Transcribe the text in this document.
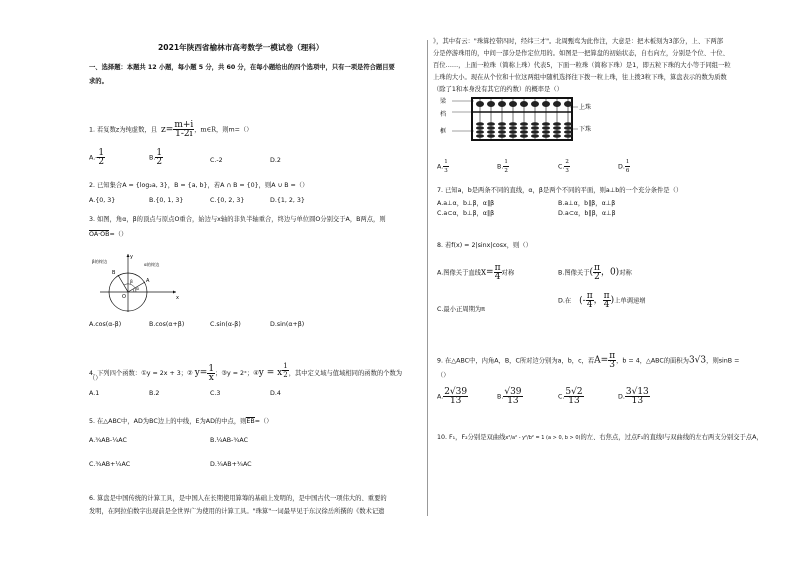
2021年陕西省榆林市高考数学一模试卷（理科）
一、选择题：本题共 12 小题，每小题 5 分，共 60 分，在每小题给出的四个选项中，只有一项是符合题目要
求的。
1. 若复数z为纯虚数，且 $z= \frac{m+i}{1-2i}$ ，m∈R，则m=（）
$A.- \frac{1}{2}$	B. $\frac{1}{2}$	C.-2	D.2
2. 已知集合A = {log₂a, 3}，B = {a, b}，若A ∩ B = {0}，则A ∪ B =（）
A.{0, 3}	B.{0, 1, 3}	C.{0, 2, 3}	D.{1, 2, 3}
3. 如图，角α，β的顶点与原点O重合，始边与x轴的非负半轴重合，终边与单位圆O分别交于A，B两点，则
OA·OB=（）
y
x
O
A
B
α
β
β的终边
α的终边
A.cos(α-β)	B.cos(α+β)	C.sin(α-β)	D.sin(α+β)
4. 下列四个函数：①y = 2x + 3；② $y= \frac{1}{x}$ ；③y = 2ˣ；④y = x $^{\frac{1}{2}}$ ，其中定义域与值域相同的函数的个数为
（）
A.1	B.2	C.3	D.4
5. 在△ABC中，AD为BC边上的中线，E为AD的中点，则EB=（）
A.¾AB-¼AC	B.¼AB-¾AC
C.¾AB+¼AC	D.¼AB+¾AC
6. 算盘是中国传统的计算工具，是中国人在长期使用算筹的基础上发明的，是中国古代一项伟大的、重要的
发明，在阿拉伯数字出现前是全世界广为使用的计算工具。"珠算"一词最早见于东汉徐岳所撰的《数术记遗
》，其中有云："珠算控带四时，经纬三才"。北周甄鸾为此作注，大意是：把木板刻为3部分，上、下两部
分是停游珠用的，中间一部分是作定位用的。如图是一把算盘的初始状态，自右向左，分别是个位、十位、
百位……，上面一粒珠（简称上珠）代表5，下面一粒珠（简称下珠）是1，即五粒下珠的大小等于同组一粒
上珠的大小。现在从个位和十位这两组中随机选择往下拨一粒上珠，往上拨3粒下珠，算盘表示的数为质数
（除了1和本身没有其它的约数）的概率是（）
梁
档
框
上珠
下珠
A. $\frac{1}{3}$	B. $\frac{1}{2}$	C. $\frac{2}{3}$	D. $\frac{1}{6}$
7. 已知a，b是两条不同的直线，α，β是两个不同的平面，则a⊥b的一个充分条件是（）
A.a⊥α，b⊥β，α∥β	B.a⊥α，b∥β，α⊥β
C.a⊂α，b⊥β，α∥β	D.a⊂α，b∥β，α⊥β
8. 若f(x) = 2|sinx|cosx，则（）
A.图像关于直线$x= \frac{\pi}{4}$ 对称	B.图像关于( $\frac{\pi}{2}$ ，0)对称
C.最小正周期为π
D.在 (- $\frac{\pi}{4}$ ， $\frac{\pi}{4}$ )上单调递增
9. 在△ABC中，内角A，B，C所对边分别为a，b，c，若$A= \frac{\pi}{3}$ ，b = 4，△ABC的面积为3√3，则sinB =
（）
A. $\frac{2√39}{13}$	B. $\frac{√39}{13}$	C. $\frac{5√2}{13}$	D. $\frac{3√13}{13}$
10. F₁，F₂分别是双曲线x²/a² - y²/b² = 1 (a > 0, b > 0)的左、右焦点，过点F₁的直线l与双曲线的左右两支分别交于点A，
